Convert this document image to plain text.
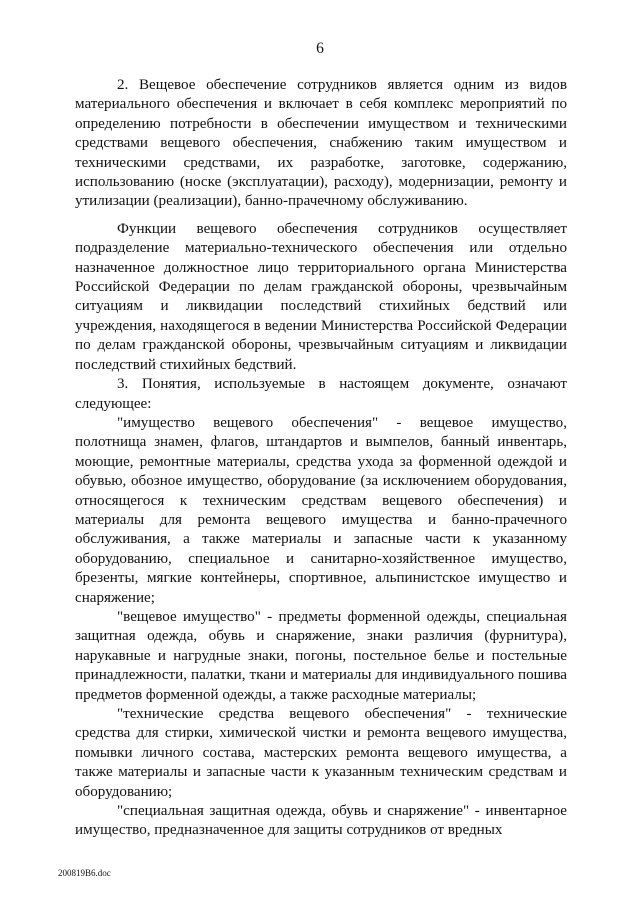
6

2. Вещевое обеспечение сотрудников является одним из видов материального обеспечения и включает в себя комплекс мероприятий по определению потребности в обеспечении имуществом и техническими средствами вещевого обеспечения, снабжению таким имуществом и техническими средствами, их разработке, заготовке, содержанию, использованию (носке (эксплуатации), расходу), модернизации, ремонту и утилизации (реализации), банно-прачечному обслуживанию.

Функции вещевого обеспечения сотрудников осуществляет подразделение материально-технического обеспечения или отдельно назначенное должностное лицо территориального органа Министерства Российской Федерации по делам гражданской обороны, чрезвычайным ситуациям и ликвидации последствий стихийных бедствий или учреждения, находящегося в ведении Министерства Российской Федерации по делам гражданской обороны, чрезвычайным ситуациям и ликвидации последствий стихийных бедствий.

3. Понятия, используемые в настоящем документе, означают следующее:

"имущество вещевого обеспечения" - вещевое имущество, полотнища знамен, флагов, штандартов и вымпелов, банный инвентарь, моющие, ремонтные материалы, средства ухода за форменной одеждой и обувью, обозное имущество, оборудование (за исключением оборудования, относящегося к техническим средствам вещевого обеспечения) и материалы для ремонта вещевого имущества и банно-прачечного обслуживания, а также материалы и запасные части к указанному оборудованию, специальное и санитарно-хозяйственное имущество, брезенты, мягкие контейнеры, спортивное, альпинистское имущество и снаряжение;

"вещевое имущество" - предметы форменной одежды, специальная защитная одежда, обувь и снаряжение, знаки различия (фурнитура), нарукавные и нагрудные знаки, погоны, постельное белье и постельные принадлежности, палатки, ткани и материалы для индивидуального пошива предметов форменной одежды, а также расходные материалы;

"технические средства вещевого обеспечения" - технические средства для стирки, химической чистки и ремонта вещевого имущества, помывки личного состава, мастерских ремонта вещевого имущества, а также материалы и запасные части к указанным техническим средствам и оборудованию;

"специальная защитная одежда, обувь и снаряжение" - инвентарное имущество, предназначенное для защиты сотрудников от вредных

200819В6.doc
